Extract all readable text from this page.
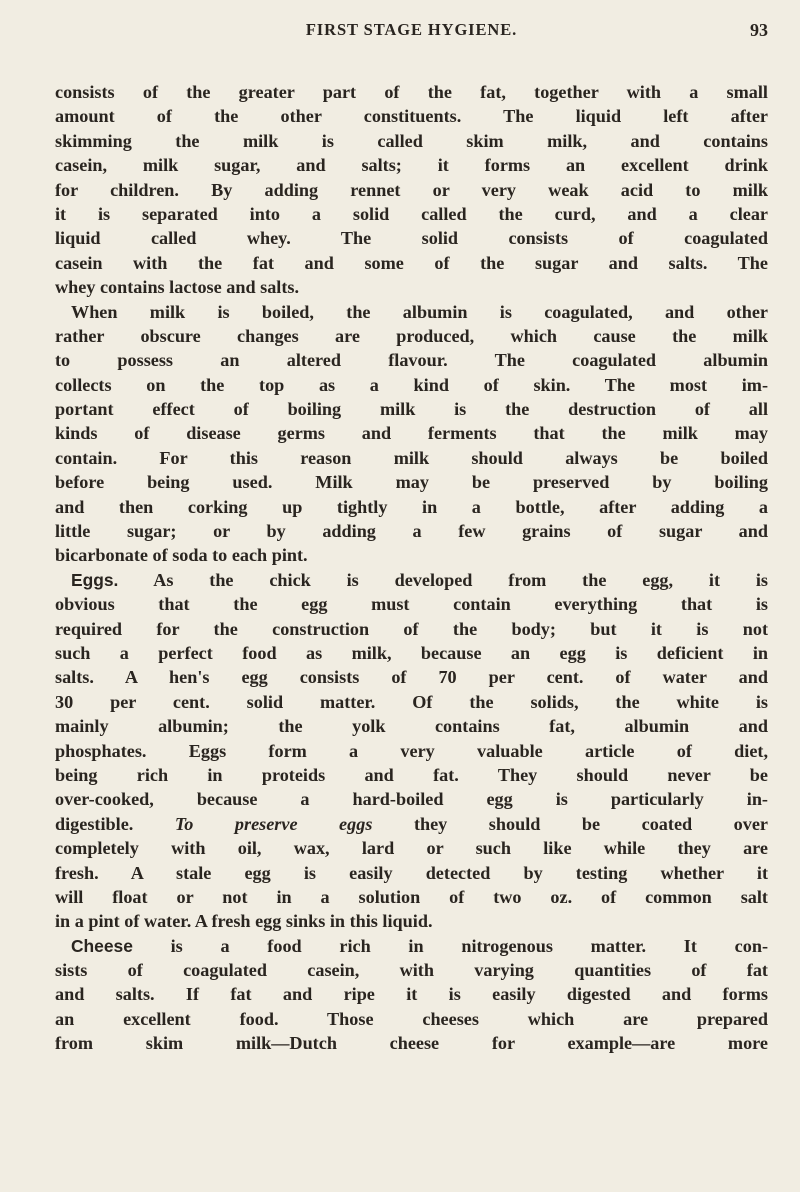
FIRST STAGE HYGIENE.	93
consists of the greater part of the fat, together with a small
amount of the other constituents. The liquid left after
skimming the milk is called skim milk, and contains
casein, milk sugar, and salts; it forms an excellent drink
for children. By adding rennet or very weak acid to milk
it is separated into a solid called the curd, and a clear
liquid called whey. The solid consists of coagulated
casein with the fat and some of the sugar and salts. The
whey contains lactose and salts.
When milk is boiled, the albumin is coagulated, and other
rather obscure changes are produced, which cause the milk
to possess an altered flavour. The coagulated albumin
collects on the top as a kind of skin. The most im-
portant effect of boiling milk is the destruction of all
kinds of disease germs and ferments that the milk may
contain. For this reason milk should always be boiled
before being used. Milk may be preserved by boiling
and then corking up tightly in a bottle, after adding a
little sugar; or by adding a few grains of sugar and
bicarbonate of soda to each pint.
Eggs. As the chick is developed from the egg, it is
obvious that the egg must contain everything that is
required for the construction of the body; but it is not
such a perfect food as milk, because an egg is deficient in
salts. A hen's egg consists of 70 per cent. of water and
30 per cent. solid matter. Of the solids, the white is
mainly albumin; the yolk contains fat, albumin and
phosphates. Eggs form a very valuable article of diet,
being rich in proteids and fat. They should never be
over-cooked, because a hard-boiled egg is particularly in-
digestible. To preserve eggs they should be coated over
completely with oil, wax, lard or such like while they are
fresh. A stale egg is easily detected by testing whether it
will float or not in a solution of two oz. of common salt
in a pint of water. A fresh egg sinks in this liquid.
Cheese is a food rich in nitrogenous matter. It con-
sists of coagulated casein, with varying quantities of fat
and salts. If fat and ripe it is easily digested and forms
an excellent food. Those cheeses which are prepared
from skim milk—Dutch cheese for example—are more
